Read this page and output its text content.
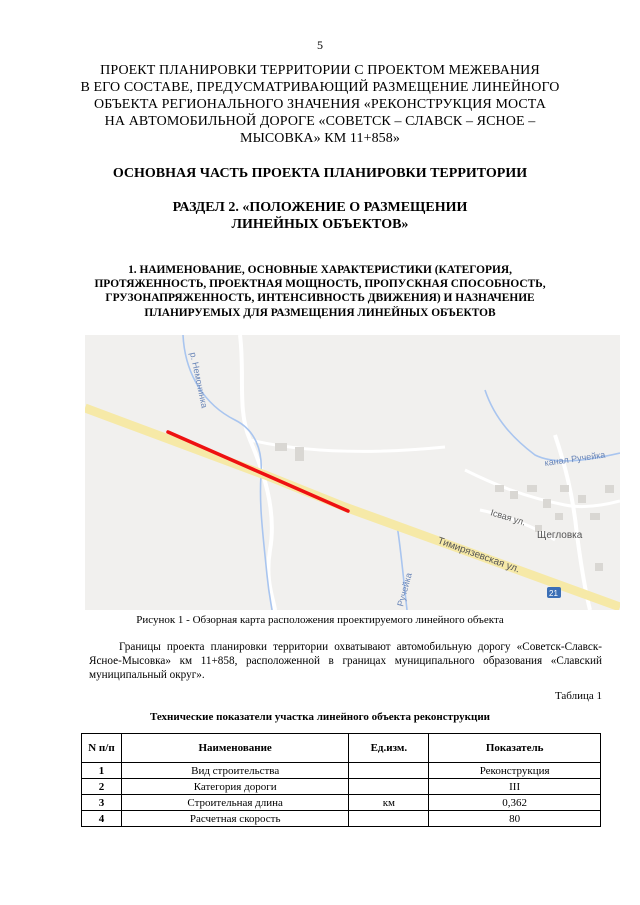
5
ПРОЕКТ ПЛАНИРОВКИ ТЕРРИТОРИИ С ПРОЕКТОМ МЕЖЕВАНИЯ
В ЕГО СОСТАВЕ, ПРЕДУСМАТРИВАЮЩИЙ РАЗМЕЩЕНИЕ ЛИНЕЙНОГО
ОБЪЕКТА РЕГИОНАЛЬНОГО ЗНАЧЕНИЯ «РЕКОНСТРУКЦИЯ МОСТА
НА АВТОМОБИЛЬНОЙ ДОРОГЕ «СОВЕТСК – СЛАВСК – ЯСНОЕ –
МЫСОВКА» КМ 11+858»
ОСНОВНАЯ ЧАСТЬ ПРОЕКТА ПЛАНИРОВКИ ТЕРРИТОРИИ
РАЗДЕЛ 2. «ПОЛОЖЕНИЕ О РАЗМЕЩЕНИИ
ЛИНЕЙНЫХ ОБЪЕКТОВ»
1. НАИМЕНОВАНИЕ, ОСНОВНЫЕ ХАРАКТЕРИСТИКИ (КАТЕГОРИЯ,
ПРОТЯЖЕННОСТЬ, ПРОЕКТНАЯ МОЩНОСТЬ, ПРОПУСКНАЯ СПОСОБНОСТЬ,
ГРУЗОНАПРЯЖЕННОСТЬ, ИНТЕНСИВНОСТЬ ДВИЖЕНИЯ) И НАЗНАЧЕНИЕ
ПЛАНИРУЕМЫХ ДЛЯ РАЗМЕЩЕНИЯ ЛИНЕЙНЫХ ОБЪЕКТОВ
р. Немонинка
канал Ручейка
Ісвая ул.
Щегловка
Тимирязевская ул.
Ручейка	21
Рисунок 1 - Обзорная карта расположения проектируемого линейного объекта
Границы проекта планировки территории охватывают автомобильную дорогу «Советск-Славск-Ясное-Мысовка» км 11+858, расположенной в границах муниципального образования «Славский муниципальный округ».
Таблица 1
Технические показатели участка линейного объекта реконструкции
N п/п	Наименование	Ед.изм.	Показатель
1	Вид строительства		Реконструкция
2	Категория дороги		III
3	Строительная длина	км	0,362
4	Расчетная скорость		80
